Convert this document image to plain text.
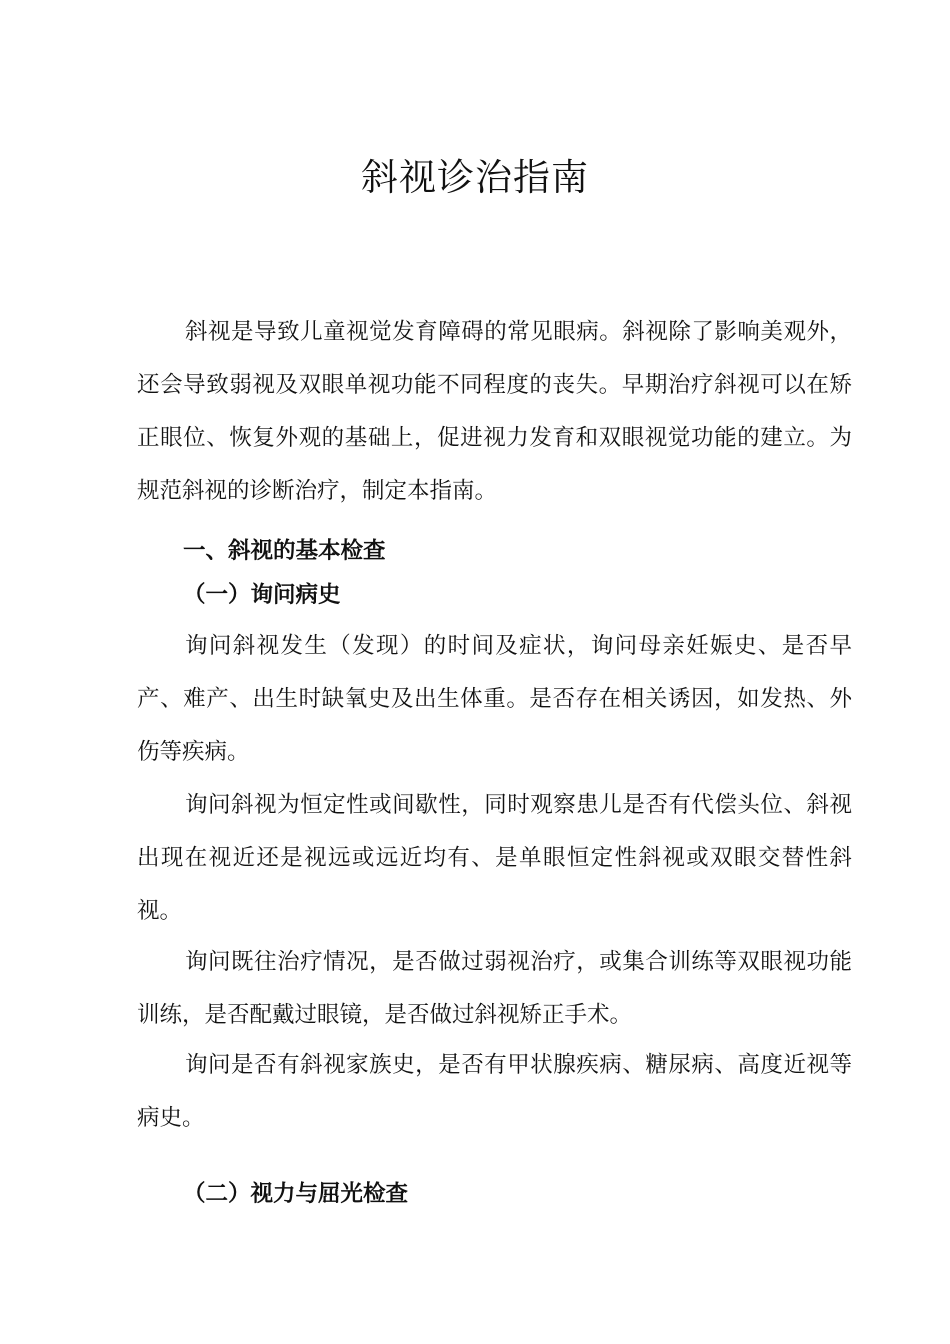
斜视诊治指南

斜视是导致儿童视觉发育障碍的常见眼病。斜视除了影响美观外，还会导致弱视及双眼单视功能不同程度的丧失。早期治疗斜视可以在矫正眼位、恢复外观的基础上，促进视力发育和双眼视觉功能的建立。为规范斜视的诊断治疗，制定本指南。

一、斜视的基本检查
（一）询问病史

询问斜视发生（发现）的时间及症状，询问母亲妊娠史、是否早产、难产、出生时缺氧史及出生体重。是否存在相关诱因，如发热、外伤等疾病。

询问斜视为恒定性或间歇性，同时观察患儿是否有代偿头位、斜视出现在视近还是视远或远近均有、是单眼恒定性斜视或双眼交替性斜视。

询问既往治疗情况，是否做过弱视治疗，或集合训练等双眼视功能训练，是否配戴过眼镜，是否做过斜视矫正手术。

询问是否有斜视家族史，是否有甲状腺疾病、糖尿病、高度近视等病史。

（二）视力与屈光检查
